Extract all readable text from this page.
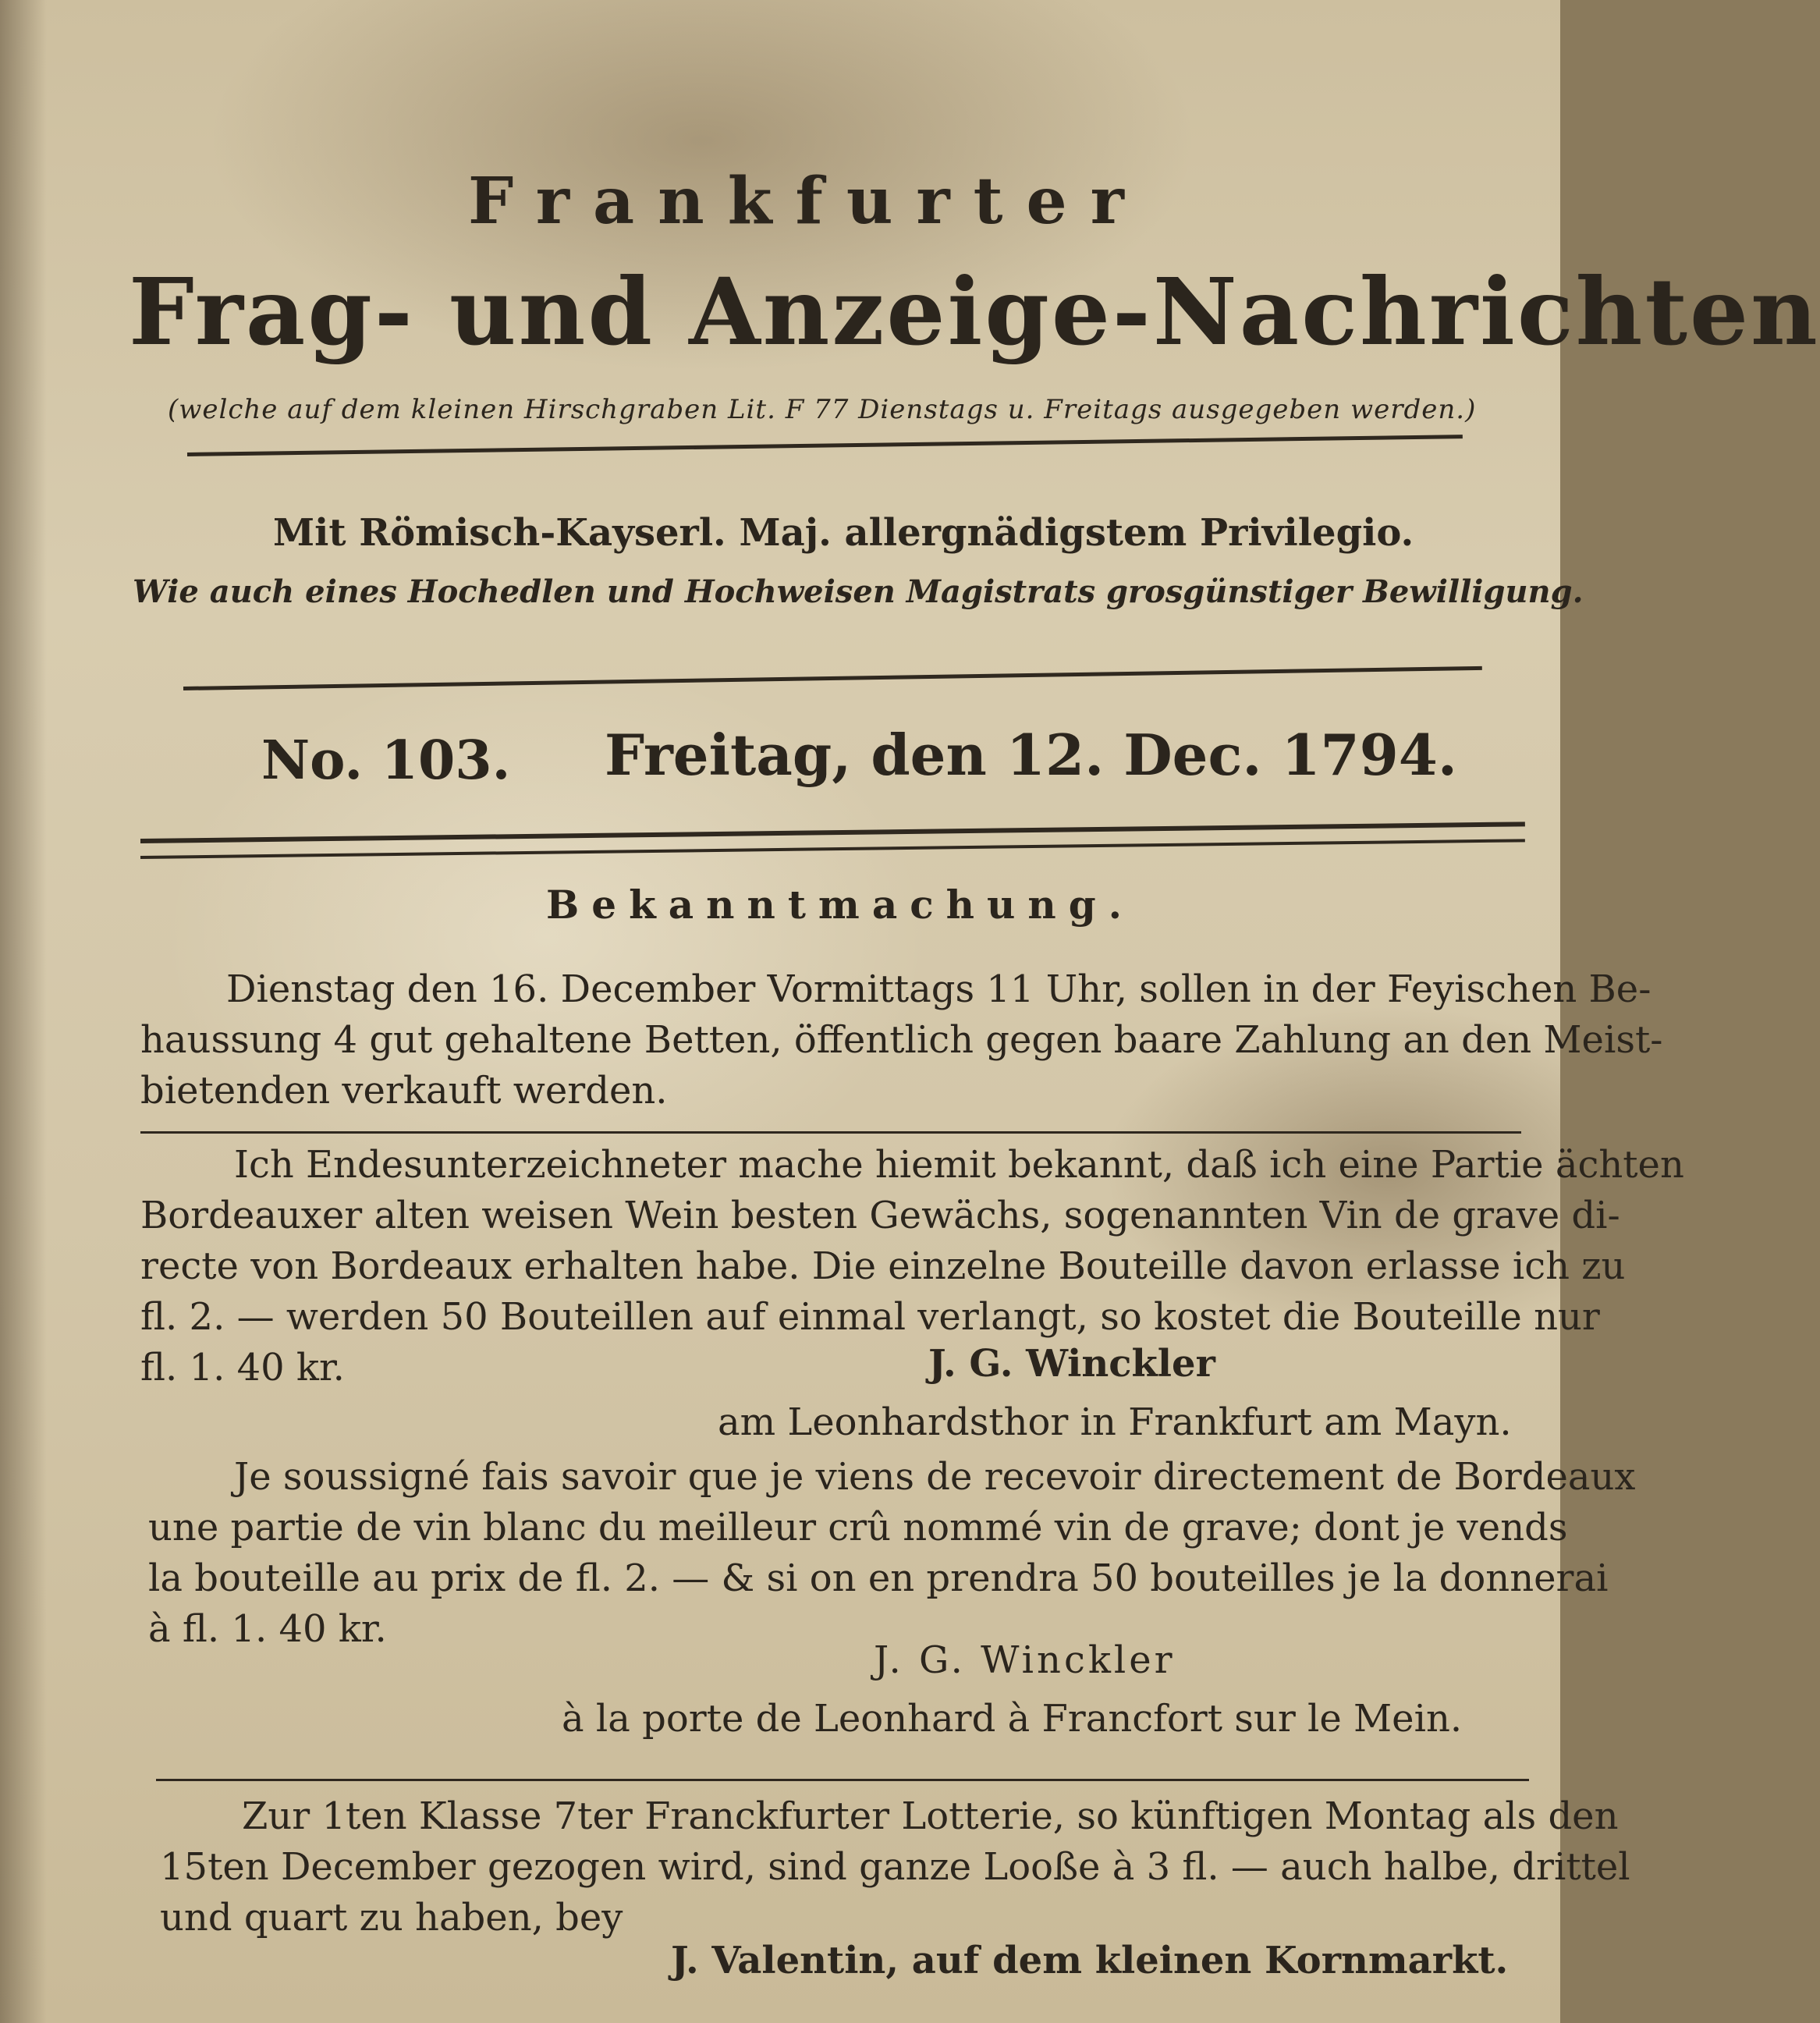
Frankfurter
Frag- und Anzeige-Nachrichten
(welche auf dem kleinen Hirschgraben Lit. F 77 Dienstags u. Freitags ausgegeben werden.)
Mit Römisch-Kayserl. Maj. allergnädigstem Privilegio.
Wie auch eines Hochedlen und Hochweisen Magistrats grosgünstiger Bewilligung.
No. 103. Freitag, den 12. Dec. 1794.
Bekanntmachung.
Dienstag den 16. December Vormittags 11 Uhr, sollen in der Feyischen Be-
haussung 4 gut gehaltene Betten, öffentlich gegen baare Zahlung an den Meist-
bietenden verkauft werden.
Ich Endesunterzeichneter mache hiemit bekannt, daß ich eine Partie ächten
Bordeauxer alten weisen Wein besten Gewächs, sogenannten Vin de grave di-
recte von Bordeaux erhalten habe. Die einzelne Bouteille davon erlasse ich zu
fl. 2. — werden 50 Bouteillen auf einmal verlangt, so kostet die Bouteille nur
fl. 1. 40 kr.	J. G. Winckler
am Leonhardsthor in Frankfurt am Mayn.
Je soussigné fais savoir que je viens de recevoir directement de Bordeaux
une partie de vin blanc du meilleur crû nommé vin de grave; dont je vends
la bouteille au prix de fl. 2. — & si on en prendra 50 bouteilles je la donnerai
à fl. 1. 40 kr.
J. G. Winckler
à la porte de Leonhard à Francfort sur le Mein.
Zur 1ten Klasse 7ter Franckfurter Lotterie, so künftigen Montag als den
15ten December gezogen wird, sind ganze Looße à 3 fl. — auch halbe, drittel
und quart zu haben, bey
J. Valentin, auf dem kleinen Kornmarkt.
